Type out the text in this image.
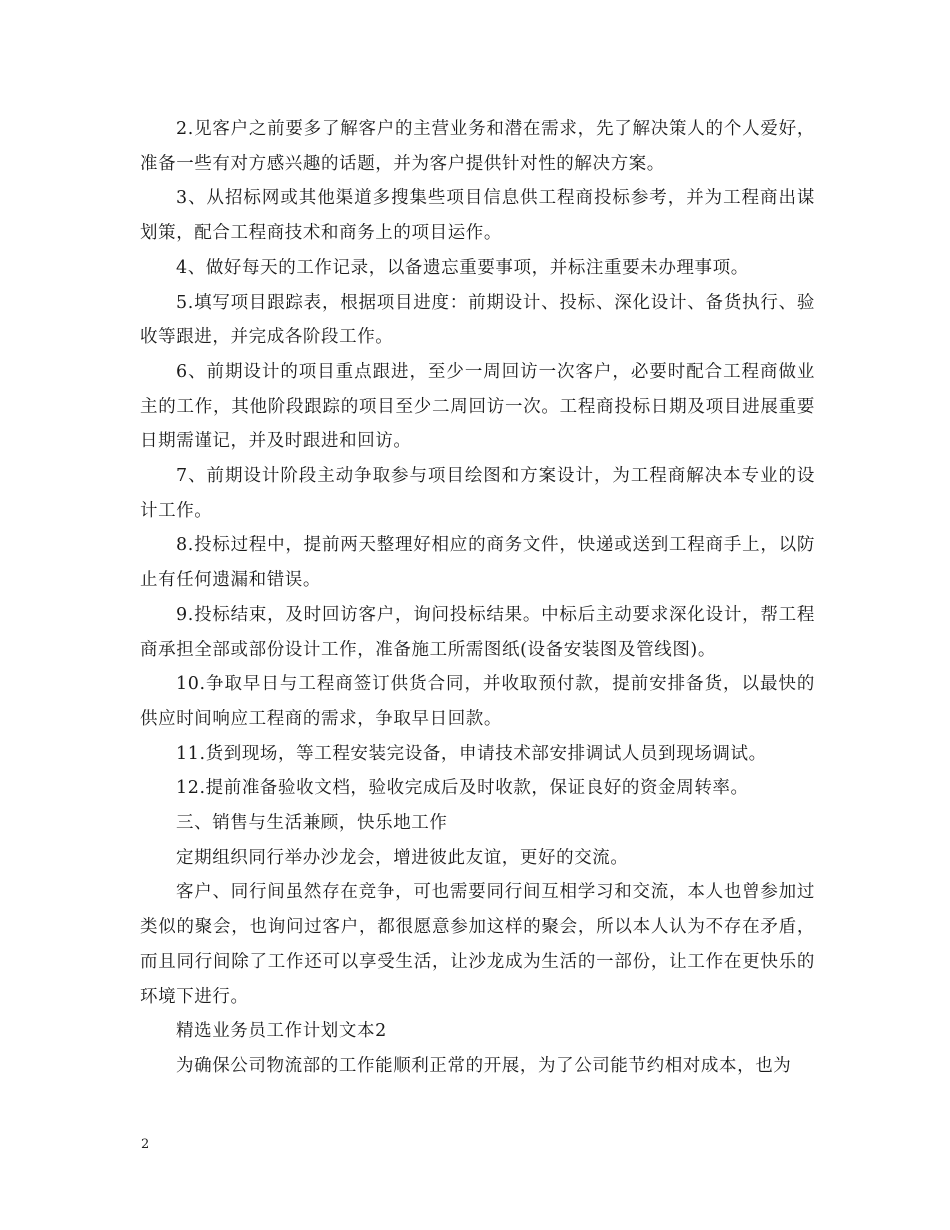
2.见客户之前要多了解客户的主营业务和潜在需求，先了解决策人的个人爱好，准备一些有对方感兴趣的话题，并为客户提供针对性的解决方案。

3、从招标网或其他渠道多搜集些项目信息供工程商投标参考，并为工程商出谋划策，配合工程商技术和商务上的项目运作。

4、做好每天的工作记录，以备遗忘重要事项，并标注重要未办理事项。

5.填写项目跟踪表，根据项目进度：前期设计、投标、深化设计、备货执行、验收等跟进，并完成各阶段工作。

6、前期设计的项目重点跟进，至少一周回访一次客户，必要时配合工程商做业主的工作，其他阶段跟踪的项目至少二周回访一次。工程商投标日期及项目进展重要日期需谨记，并及时跟进和回访。

7、前期设计阶段主动争取参与项目绘图和方案设计，为工程商解决本专业的设计工作。

8.投标过程中，提前两天整理好相应的商务文件，快递或送到工程商手上，以防止有任何遗漏和错误。

9.投标结束，及时回访客户，询问投标结果。中标后主动要求深化设计，帮工程商承担全部或部份设计工作，准备施工所需图纸(设备安装图及管线图)。

10.争取早日与工程商签订供货合同，并收取预付款，提前安排备货，以最快的供应时间响应工程商的需求，争取早日回款。

11.货到现场，等工程安装完设备，申请技术部安排调试人员到现场调试。

12.提前准备验收文档，验收完成后及时收款，保证良好的资金周转率。

三、销售与生活兼顾，快乐地工作

定期组织同行举办沙龙会，增进彼此友谊，更好的交流。

客户、同行间虽然存在竞争，可也需要同行间互相学习和交流，本人也曾参加过类似的聚会，也询问过客户，都很愿意参加这样的聚会，所以本人认为不存在矛盾，而且同行间除了工作还可以享受生活，让沙龙成为生活的一部份，让工作在更快乐的环境下进行。

精选业务员工作计划文本2

为确保公司物流部的工作能顺利正常的开展，为了公司能节约相对成本，也为

2
